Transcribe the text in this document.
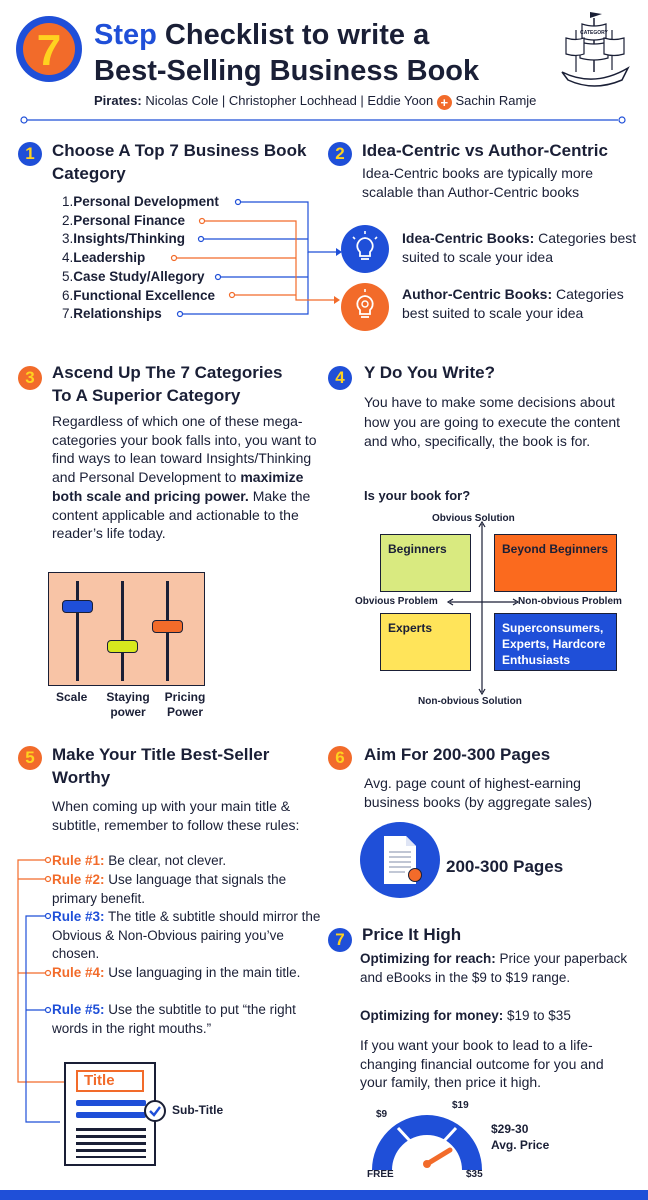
7 Step Checklist to write a
Best-Selling Business Book
Pirates: Nicolas Cole | Christopher Lochhead | Eddie Yoon + Sachin Ramje
CATEGORY
1	Choose A Top 7 Business Book Category
1.Personal Development
2.Personal Finance
3.Insights/Thinking
4.Leadership
5.Case Study/Allegory
6.Functional Excellence
7.Relationships
2	Idea-Centric vs Author-Centric
Idea-Centric books are typically more scalable than Author-Centric books
Idea-Centric Books: Categories best suited to scale your idea
Author-Centric Books: Categories best suited to scale your idea
3	Ascend Up The 7 Categories To A Superior Category
Regardless of which one of these mega-categories your book falls into, you want to find ways to lean toward Insights/Thinking and Personal Development to maximize both scale and pricing power. Make the content applicable and actionable to the reader’s life today.
Scale	Staying power
Pricing Power
4	Y Do You Write?
You have to make some decisions about how you are going to execute the content and who, specifically, the book is for.
Is your book for?
Obvious Solution
Non-obvious Solution
Obvious Problem	Non-obvious Problem
Beginners	Beyond Beginners
Experts	Superconsumers, Experts, Hardcore Enthusiasts
5	Make Your Title Best-Seller Worthy
When coming up with your main title & subtitle, remember to follow these rules:
Rule #1: Be clear, not clever.
Rule #2: Use language that signals the primary benefit.
Rule #3: The title & subtitle should mirror the Obvious & Non-Obvious pairing you’ve chosen.
Rule #4: Use languaging in the main title.
Rule #5: Use the subtitle to put “the right words in the right mouths.”
Title
Sub-Title
6	Aim For 200-300 Pages
Avg. page count of highest-earning business books (by aggregate sales)
200-300 Pages
7	Price It High
Optimizing for reach: Price your paperback and eBooks in the $9 to $19 range.
Optimizing for money: $19 to $35
If you want your book to lead to a life-changing financial outcome for you and your family, then price it high.
$9
$19
FREE	$35
$29-30
Avg. Price
